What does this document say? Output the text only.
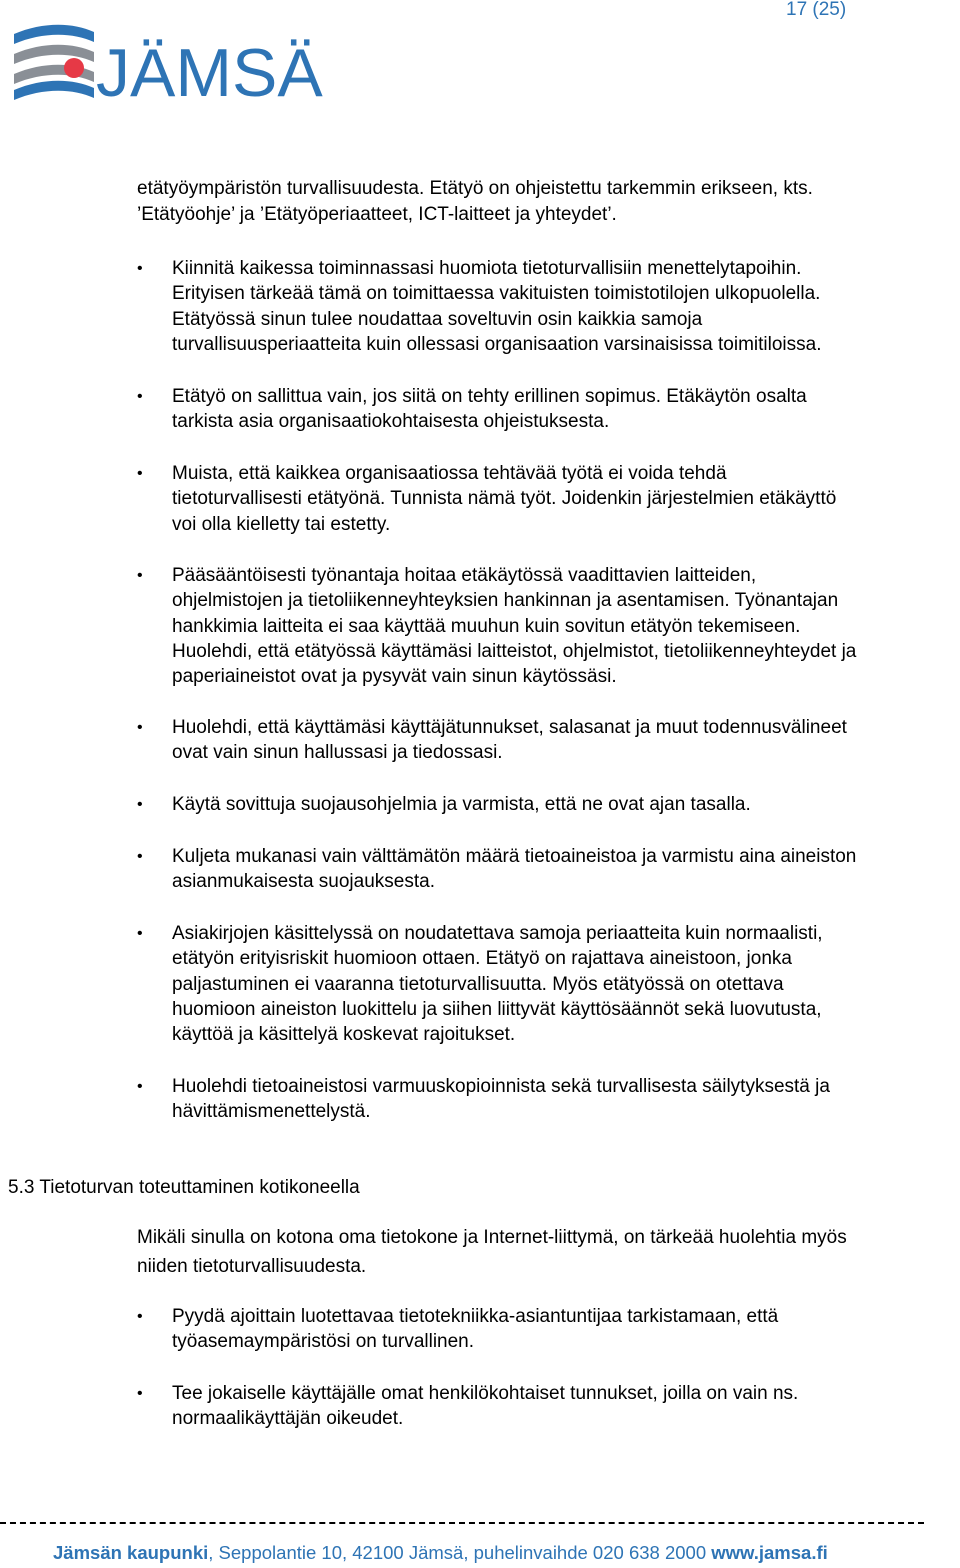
17 (25)
JÄMSÄ
etätyöympäristön turvallisuudesta. Etätyö on ohjeistettu tarkemmin erikseen, kts.
’Etätyöohje’ ja ’Etätyöperiaatteet, ICT-laitteet ja yhteydet’.
•	Kiinnitä kaikessa toiminnassasi huomiota tietoturvallisiin menettelytapoihin.
Erityisen tärkeää tämä on toimittaessa vakituisten toimistotilojen ulkopuolella.
Etätyössä sinun tulee noudattaa soveltuvin osin kaikkia samoja
turvallisuusperiaatteita kuin ollessasi organisaation varsinaisissa toimitiloissa.
•	Etätyö on sallittua vain, jos siitä on tehty erillinen sopimus. Etäkäytön osalta
tarkista asia organisaatiokohtaisesta ohjeistuksesta.
•	Muista, että kaikkea organisaatiossa tehtävää työtä ei voida tehdä
tietoturvallisesti etätyönä. Tunnista nämä työt. Joidenkin järjestelmien etäkäyttö
voi olla kielletty tai estetty.
•	Pääsääntöisesti työnantaja hoitaa etäkäytössä vaadittavien laitteiden,
ohjelmistojen ja tietoliikenneyhteyksien hankinnan ja asentamisen. Työnantajan
hankkimia laitteita ei saa käyttää muuhun kuin sovitun etätyön tekemiseen.
Huolehdi, että etätyössä käyttämäsi laitteistot, ohjelmistot, tietoliikenneyhteydet ja
paperiaineistot ovat ja pysyvät vain sinun käytössäsi.
•	Huolehdi, että käyttämäsi käyttäjätunnukset, salasanat ja muut todennusvälineet
ovat vain sinun hallussasi ja tiedossasi.
•	Käytä sovittuja suojausohjelmia ja varmista, että ne ovat ajan tasalla.
•	Kuljeta mukanasi vain välttämätön määrä tietoaineistoa ja varmistu aina aineiston
asianmukaisesta suojauksesta.
•	Asiakirjojen käsittelyssä on noudatettava samoja periaatteita kuin normaalisti,
etätyön erityisriskit huomioon ottaen. Etätyö on rajattava aineistoon, jonka
paljastuminen ei vaaranna tietoturvallisuutta. Myös etätyössä on otettava
huomioon aineiston luokittelu ja siihen liittyvät käyttösäännöt sekä luovutusta,
käyttöä ja käsittelyä koskevat rajoitukset.
•	Huolehdi tietoaineistosi varmuuskopioinnista sekä turvallisesta säilytyksestä ja
hävittämismenettelystä.
5.3 Tietoturvan toteuttaminen kotikoneella
Mikäli sinulla on kotona oma tietokone ja Internet-liittymä, on tärkeää huolehtia myös
niiden tietoturvallisuudesta.
•	Pyydä ajoittain luotettavaa tietotekniikka-asiantuntijaa tarkistamaan, että
työasemaympäristösi on turvallinen.
•	Tee jokaiselle käyttäjälle omat henkilökohtaiset tunnukset, joilla on vain ns.
normaalikäyttäjän oikeudet.
Jämsän kaupunki, Seppolantie 10, 42100 Jämsä, puhelinvaihde 020 638 2000 www.jamsa.fi
